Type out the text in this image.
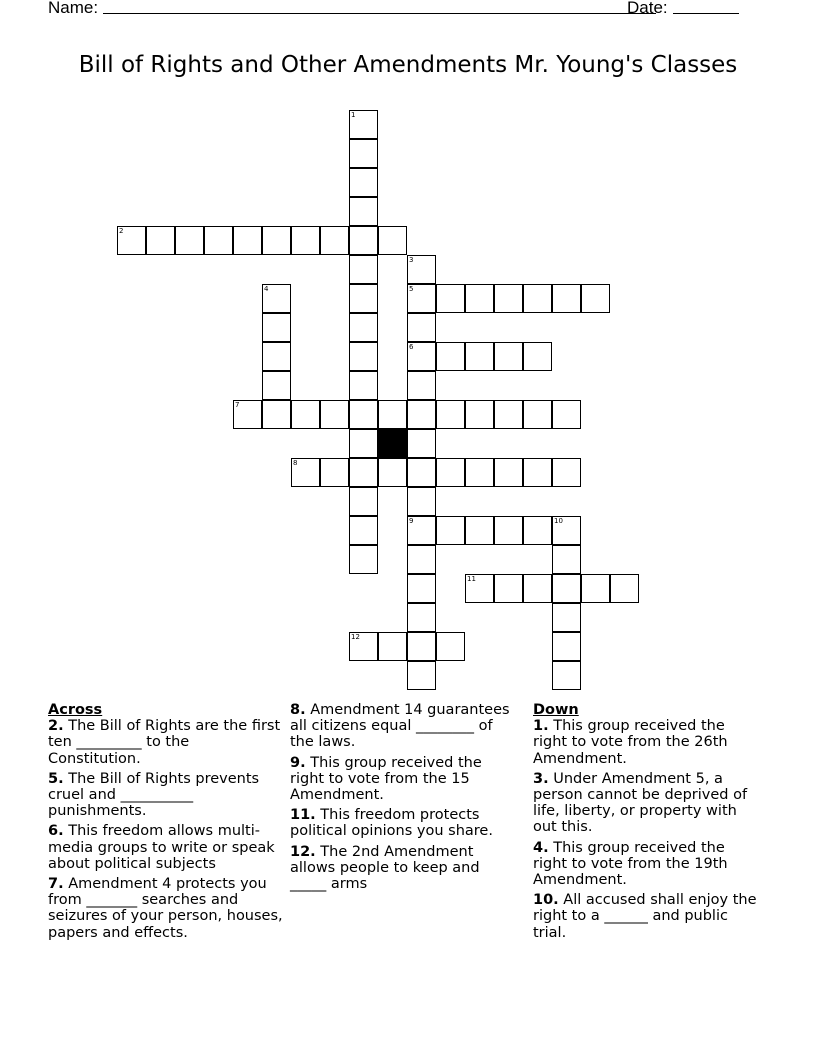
Name:	Date:
Bill of Rights and Other Amendments Mr. Young's Classes
1
2
3
5
6
9
4
7
8
10
11
12
Across
2. The Bill of Rights are the first ten _________ to the Constitution.
5. The Bill of Rights prevents cruel and __________ punishments.
6. This freedom allows multi-media groups to write or speak about political subjects
7. Amendment 4 protects you from _______ searches and seizures of your person, houses, papers and effects.
8. Amendment 14 guarantees all citizens equal ________ of the laws.
9. This group received the right to vote from the 15 Amendment.
11. This freedom protects political opinions you share.
12. The 2nd Amendment allows people to keep and _____ arms
Down
1. This group received the right to vote from the 26th Amendment.
3. Under Amendment 5, a person cannot be deprived of life, liberty, or property with out this.
4. This group received the right to vote from the 19th Amendment.
10. All accused shall enjoy the right to a ______ and public trial.
